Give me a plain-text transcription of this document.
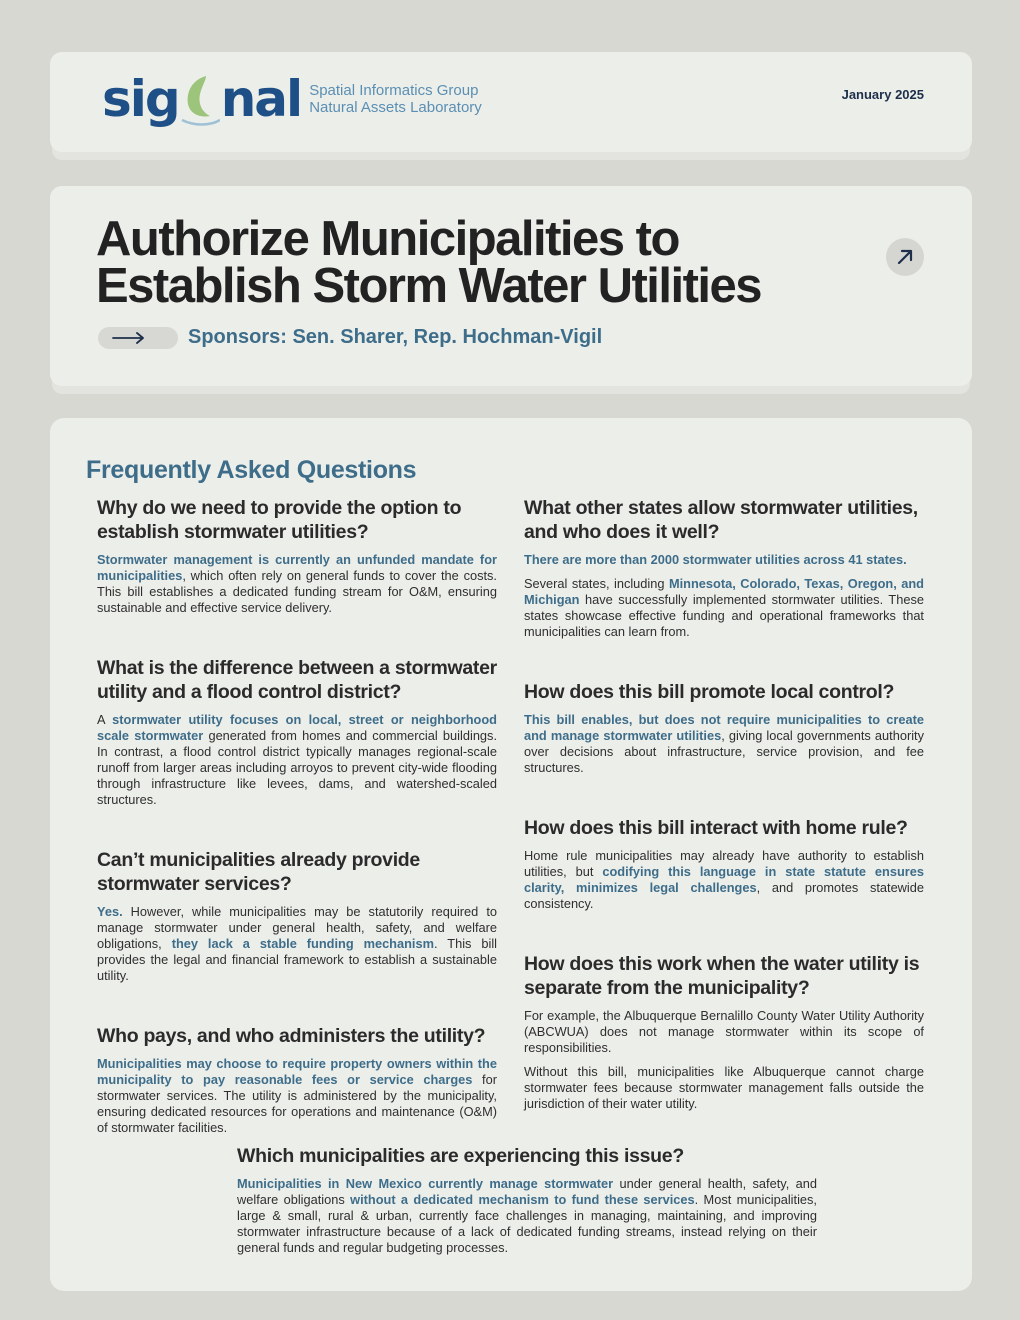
sig nal Spatial Informatics Group
Natural Assets Laboratory
January 2025
Authorize Municipalities to
Establish Storm Water Utilities
Sponsors: Sen. Sharer, Rep. Hochman-Vigil
Frequently Asked Questions
Why do we need to provide the option to establish stormwater utilities?

Stormwater management is currently an unfunded mandate for municipalities, which often rely on general funds to cover the costs. This bill establishes a dedicated funding stream for O&M, ensuring sustainable and effective service delivery.

What is the difference between a stormwater utility and a flood control district?

A stormwater utility focuses on local, street or neighborhood scale stormwater generated from homes and commercial buildings. In contrast, a flood control district typically manages regional-scale runoff from larger areas including arroyos to prevent city-wide flooding through infrastructure like levees, dams, and watershed-scaled structures.

Can’t municipalities already provide stormwater services?

Yes. However, while municipalities may be statutorily required to manage stormwater under general health, safety, and welfare obligations, they lack a stable funding mechanism. This bill provides the legal and financial framework to establish a sustainable utility.

Who pays, and who administers the utility?

Municipalities may choose to require property owners within the municipality to pay reasonable fees or service charges for stormwater services. The utility is administered by the municipality, ensuring dedicated resources for operations and maintenance (O&M) of stormwater facilities.

What other states allow stormwater utilities, and who does it well?

There are more than 2000 stormwater utilities across 41 states.

Several states, including Minnesota, Colorado, Texas, Oregon, and Michigan have successfully implemented stormwater utilities. These states showcase effective funding and operational frameworks that municipalities can learn from.

How does this bill promote local control?

This bill enables, but does not require municipalities to create and manage stormwater utilities, giving local governments authority over decisions about infrastructure, service provision, and fee structures.

How does this bill interact with home rule?

Home rule municipalities may already have authority to establish utilities, but codifying this language in state statute ensures clarity, minimizes legal challenges, and promotes statewide consistency.

How does this work when the water utility is separate from the municipality?

For example, the Albuquerque Bernalillo County Water Utility Authority (ABCWUA) does not manage stormwater within its scope of responsibilities.

Without this bill, municipalities like Albuquerque cannot charge stormwater fees because stormwater management falls outside the jurisdiction of their water utility.

Which municipalities are experiencing this issue?

Municipalities in New Mexico currently manage stormwater under general health, safety, and welfare obligations without a dedicated mechanism to fund these services. Most municipalities, large & small, rural & urban, currently face challenges in managing, maintaining, and improving stormwater infrastructure because of a lack of dedicated funding streams, instead relying on their general funds and regular budgeting processes.
